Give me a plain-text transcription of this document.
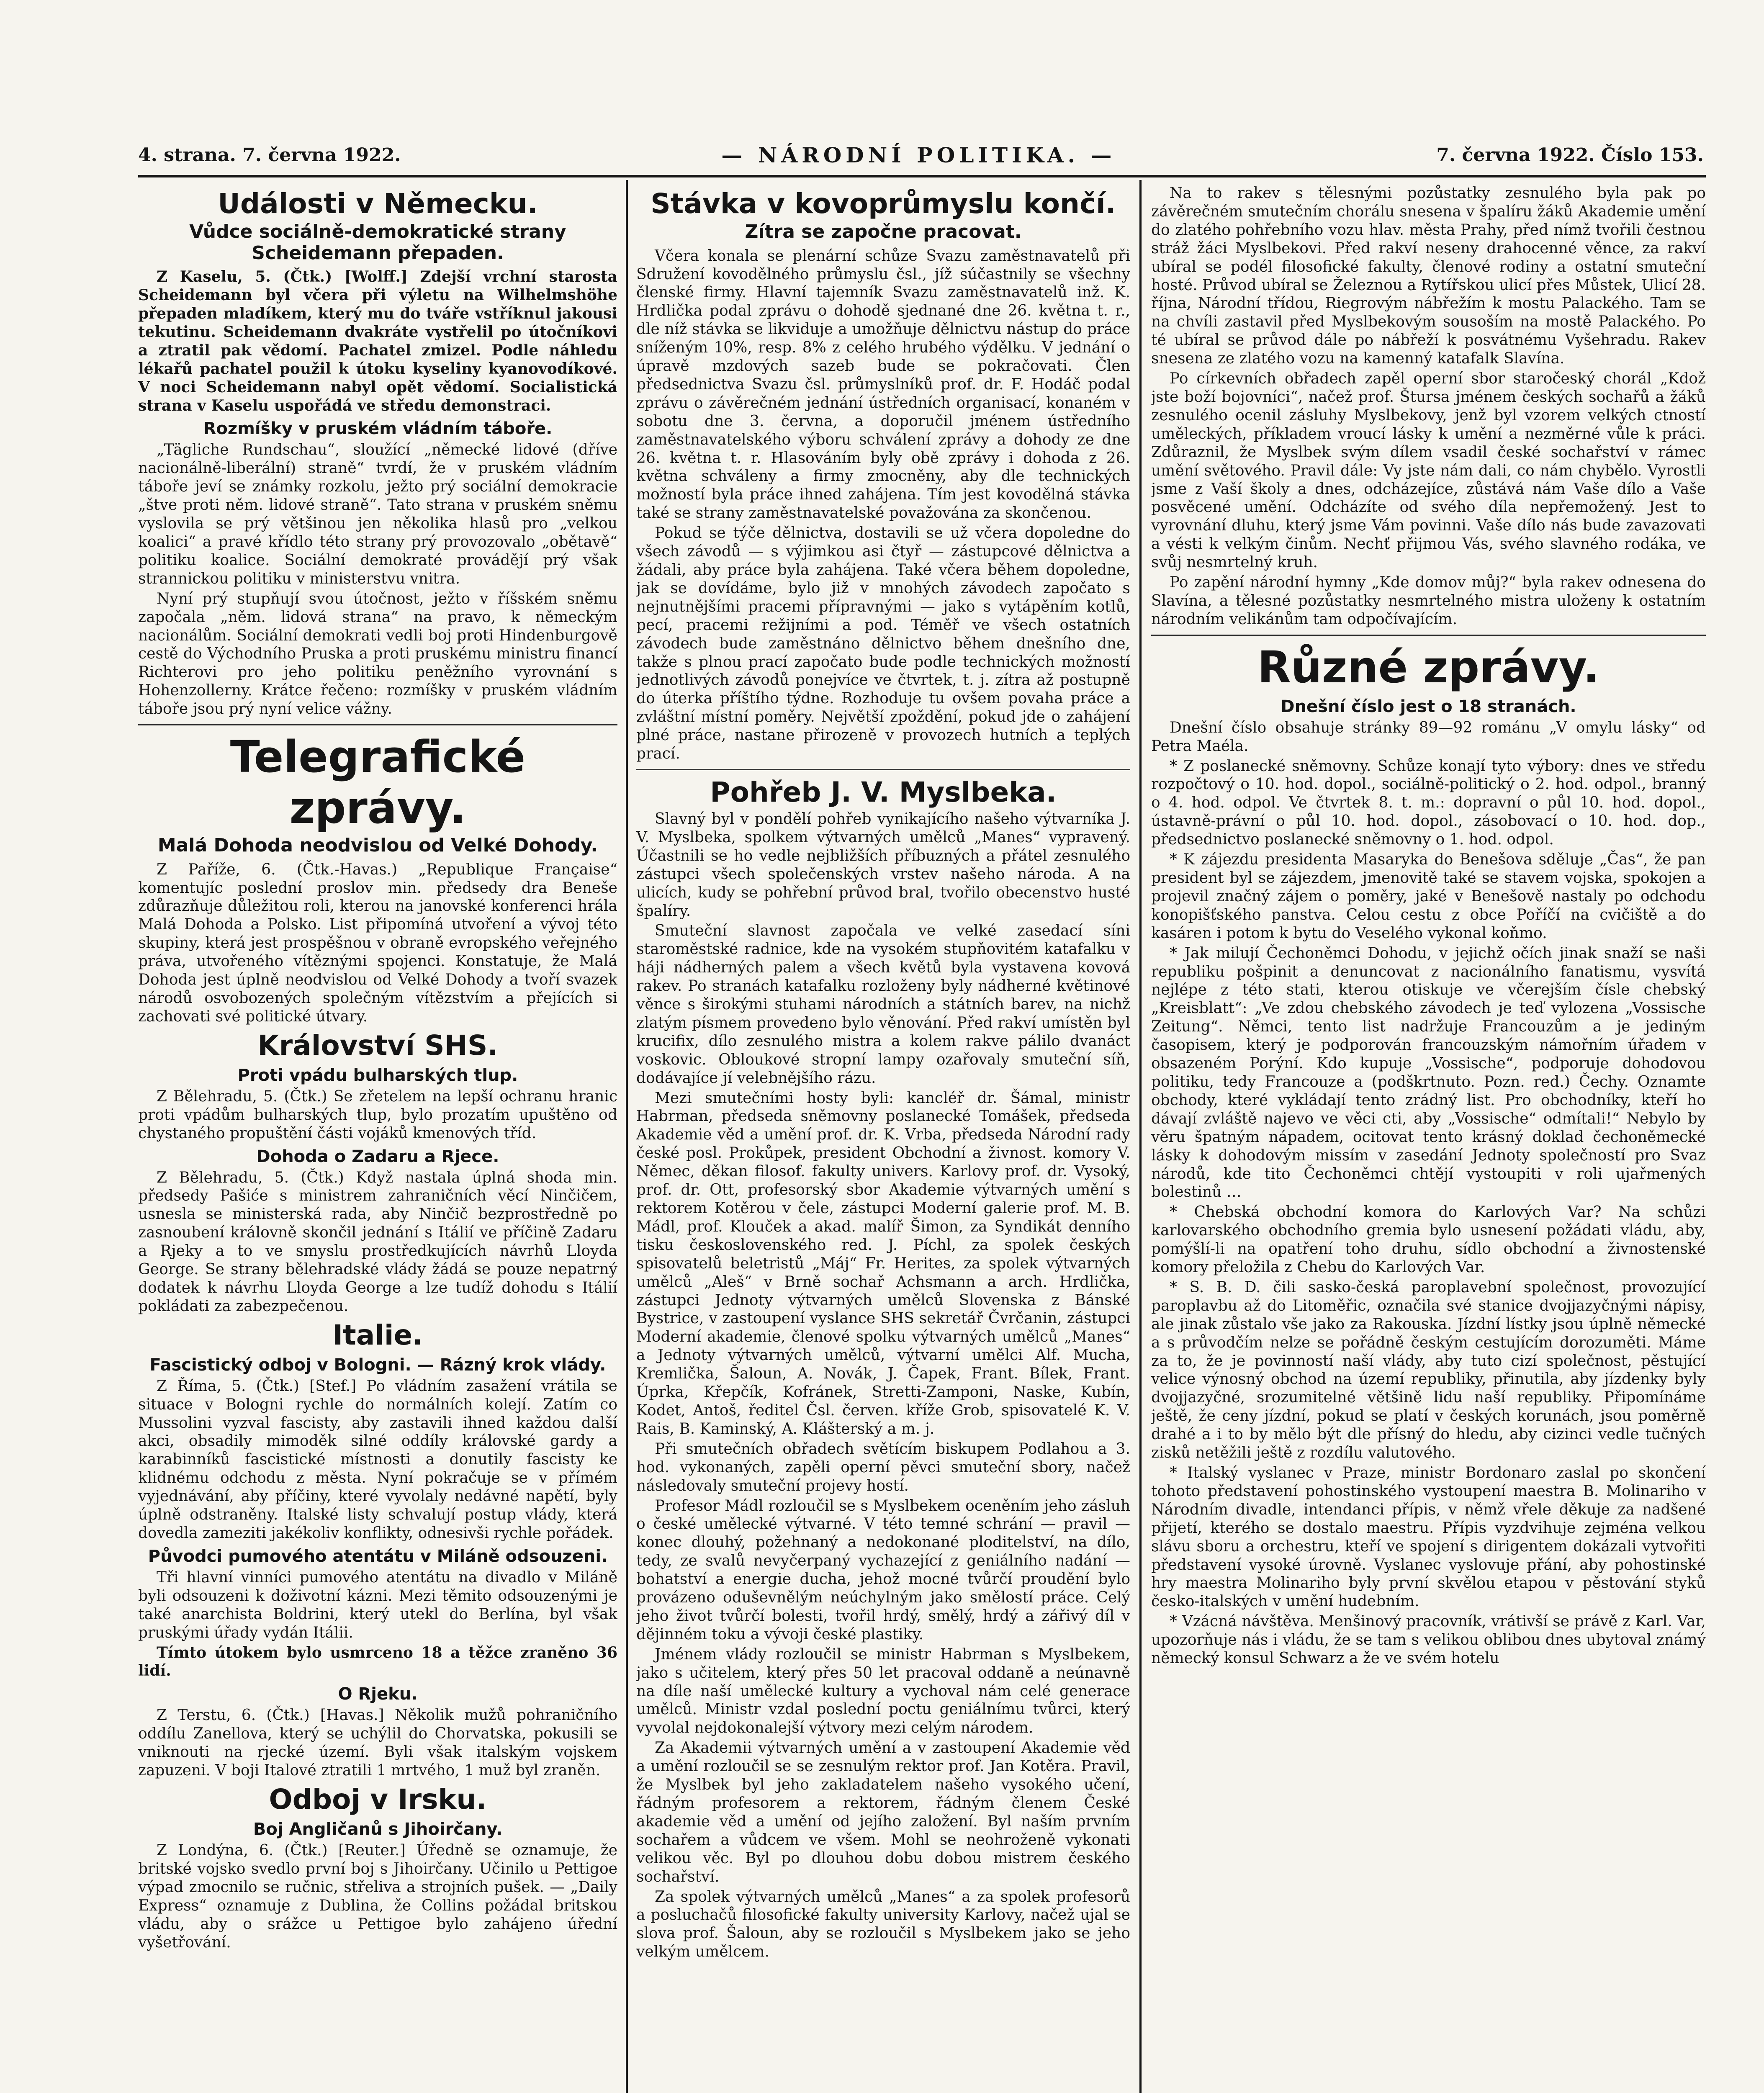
4. strana. 7. června 1922.	— NÁRODNÍ POLITIKA. —	7. června 1922. Číslo 153.
Události v Německu.
Vůdce sociálně-demokratické strany Scheidemann přepaden.

Z Kaselu, 5. (Čtk.) [Wolff.] Zdejší vrchní starosta Scheidemann byl včera při výletu na Wilhelmshöhe přepaden mladíkem, který mu do tváře vstříknul jakousi tekutinu. Scheidemann dvakráte vystřelil po útočníkovi a ztratil pak vědomí. Pachatel zmizel. Podle náhledu lékařů pachatel použil k útoku kyseliny kyanovodíkové. V noci Scheidemann nabyl opět vědomí. Socialistická strana v Kaselu uspořádá ve středu demonstraci.

Rozmíšky v pruském vládním táboře.

„Tägliche Rundschau“, sloužící „německé lidové (dříve nacionálně-liberální) straně“ tvrdí, že v pruském vládním táboře jeví se známky rozkolu, ježto prý sociální demokracie „štve proti něm. lidové straně“. Tato strana v pruském sněmu vyslovila se prý většinou jen několika hlasů pro „velkou koalici“ a pravé křídlo této strany prý provozovalo „obětavě“ politiku koalice. Sociální demokraté provádějí prý však strannickou politiku v ministerstvu vnitra.

Nyní prý stupňují svou útočnost, ježto v říšském sněmu započala „něm. lidová strana“ na pravo, k německým nacionálům. Sociální demokrati vedli boj proti Hindenburgově cestě do Východního Pruska a proti pruskému ministru financí Richterovi pro jeho politiku peněžního vyrovnání s Hohenzollerny. Krátce řečeno: rozmíšky v pruském vládním táboře jsou prý nyní velice vážny.

Telegrafické zprávy.
Malá Dohoda neodvislou od Velké Dohody.

Z Paříže, 6. (Čtk.-Havas.) „Republique Française“ komentujíc poslední proslov min. předsedy dra Beneše zdůrazňuje důležitou roli, kterou na janovské konferenci hrála Malá Dohoda a Polsko. List připomíná utvoření a vývoj této skupiny, která jest prospěšnou v obraně evropského veřejného práva, utvořeného vítěznými spojenci. Konstatuje, že Malá Dohoda jest úplně neodvislou od Velké Dohody a tvoří svazek národů osvobozených společným vítězstvím a přejících si zachovati své politické útvary.

Království SHS.
Proti vpádu bulharských tlup.

Z Bělehradu, 5. (Čtk.) Se zřetelem na lepší ochranu hranic proti vpádům bulharských tlup, bylo prozatím upuštěno od chystaného propuštění části vojáků kmenových tříd.

Dohoda o Zadaru a Rjece.

Z Bělehradu, 5. (Čtk.) Když nastala úplná shoda min. předsedy Pašiće s ministrem zahraničních věcí Ninčičem, usnesla se ministerská rada, aby Ninčič bezprostředně po zasnoubení královně skončil jednání s Itálií ve příčině Zadaru a Rjeky a to ve smyslu prostředkujících návrhů Lloyda George. Se strany bělehradské vlády žádá se pouze nepatrný dodatek k návrhu Lloyda George a lze tudíž dohodu s Itálií pokládati za zabezpečenou.

Italie.
Fascistický odboj v Bologni. — Rázný krok vlády.

Z Říma, 5. (Čtk.) [Stef.] Po vládním zasažení vrátila se situace v Bologni rychle do normálních kolejí. Zatím co Mussolini vyzval fascisty, aby zastavili ihned každou další akci, obsadily mimoděk silné oddíly královské gardy a karabinníků fascistické místnosti a donutily fascisty ke klidnému odchodu z města. Nyní pokračuje se v přímém vyjednávání, aby příčiny, které vyvolaly nedávné napětí, byly úplně odstraněny. Italské listy schvalují postup vlády, která dovedla zameziti jakékoliv konflikty, odnesivši rychle pořádek.

Původci pumového atentátu v Miláně odsouzeni.

Tři hlavní vinníci pumového atentátu na divadlo v Miláně byli odsouzeni k doživotní kázni. Mezi těmito odsouzenými je také anarchista Boldrini, který utekl do Berlína, byl však pruskými úřady vydán Itálii.

Tímto útokem bylo usmrceno 18 a těžce zraněno 36 lidí.

O Rjeku.

Z Terstu, 6. (Čtk.) [Havas.] Několik mužů pohraničního oddílu Zanellova, který se uchýlil do Chorvatska, pokusili se vniknouti na rjecké území. Byli však italským vojskem zapuzeni. V boji Italové ztratili 1 mrtvého, 1 muž byl zraněn.

Odboj v Irsku.
Boj Angličanů s Jihoirčany.

Z Londýna, 6. (Čtk.) [Reuter.] Úředně se oznamuje, že britské vojsko svedlo první boj s Jihoirčany. Učinilo u Pettigoe výpad zmocnilo se ručnic, střeliva a strojních pušek. — „Daily Express“ oznamuje z Dublina, že Collins požádal britskou vládu, aby o srážce u Pettigoe bylo zahájeno úřední vyšetřování.

Stávka v kovoprůmyslu končí.
Zítra se započne pracovat.

Včera konala se plenární schůze Svazu zaměstnavatelů při Sdružení kovodělného průmyslu čsl., jíž súčastnily se všechny členské firmy. Hlavní tajemník Svazu zaměstnavatelů inž. K. Hrdlička podal zprávu o dohodě sjednané dne 26. května t. r., dle níž stávka se likviduje a umožňuje dělnictvu nástup do práce sníženým 10%, resp. 8% z celého hrubého výdělku. V jednání o úpravě mzdových sazeb bude se pokračovati. Člen předsednictva Svazu čsl. průmyslníků prof. dr. F. Hodáč podal zprávu o závěrečném jednání ústředních organisací, konaném v sobotu dne 3. června, a doporučil jménem ústředního zaměstnavatelského výboru schválení zprávy a dohody ze dne 26. května t. r. Hlasováním byly obě zprávy i dohoda z 26. května schváleny a firmy zmocněny, aby dle technických možností byla práce ihned zahájena. Tím jest kovodělná stávka také se strany zaměstnavatelské považována za skončenou.

Pokud se týče dělnictva, dostavili se už včera dopoledne do všech závodů — s výjimkou asi čtyř — zástupcové dělnictva a žádali, aby práce byla zahájena. Také včera během dopoledne, jak se dovídáme, bylo již v mnohých závodech započato s nejnutnějšími pracemi přípravnými — jako s vytápěním kotlů, pecí, pracemi režijními a pod. Téměř ve všech ostatních závodech bude zaměstnáno dělnictvo během dnešního dne, takže s plnou prací započato bude podle technických možností jednotlivých závodů ponejvíce ve čtvrtek, t. j. zítra až postupně do úterka příštího týdne. Rozhoduje tu ovšem povaha práce a zvláštní místní poměry. Největší zpoždění, pokud jde o zahájení plné práce, nastane přirozeně v provozech hutních a teplých prací.

Pohřeb J. V. Myslbeka.

Slavný byl v pondělí pohřeb vynikajícího našeho výtvarníka J. V. Myslbeka, spolkem výtvarných umělců „Manes“ vypravený. Účastnili se ho vedle nejbližších příbuzných a přátel zesnulého zástupci všech společenských vrstev našeho národa. A na ulicích, kudy se pohřební průvod bral, tvořilo obecenstvo husté špalíry.

Smuteční slavnost započala ve velké zasedací síni staroměstské radnice, kde na vysokém stupňovitém katafalku v háji nádherných palem a všech květů byla vystavena kovová rakev. Po stranách katafalku rozloženy byly nádherné květinové věnce s širokými stuhami národních a státních barev, na nichž zlatým písmem provedeno bylo věnování. Před rakví umístěn byl krucifix, dílo zesnulého mistra a kolem rakve pálilo dvanáct voskovic. Obloukové stropní lampy ozařovaly smuteční síň, dodávajíce jí velebnějšího rázu.

Mezi smutečními hosty byli: kancléř dr. Šámal, ministr Habrman, předseda sněmovny poslanecké Tomášek, předseda Akademie věd a umění prof. dr. K. Vrba, předseda Národní rady české posl. Prokůpek, president Obchodní a živnost. komory V. Němec, děkan filosof. fakulty univers. Karlovy prof. dr. Vysoký, prof. dr. Ott, profesorský sbor Akademie výtvarných umění s rektorem Kotěrou v čele, zástupci Moderní galerie prof. M. B. Mádl, prof. Klouček a akad. malíř Šimon, za Syndikát denního tisku československého red. J. Píchl, za spolek českých spisovatelů beletristů „Máj“ Fr. Herites, za spolek výtvarných umělců „Aleš“ v Brně sochař Achsmann a arch. Hrdlička, zástupci Jednoty výtvarných umělců Slovenska z Bánské Bystrice, v zastoupení vyslance SHS sekretář Čvrčanin, zástupci Moderní akademie, členové spolku výtvarných umělců „Manes“ a Jednoty výtvarných umělců, výtvarní umělci Alf. Mucha, Kremlička, Šaloun, A. Novák, J. Čapek, Frant. Bílek, Frant. Úprka, Křepčík, Kofránek, Stretti-Zamponi, Naske, Kubín, Kodet, Antoš, ředitel Čsl. červen. kříže Grob, spisovatelé K. V. Rais, B. Kaminský, A. Klášterský a m. j.

Při smutečních obřadech světícím biskupem Podlahou a 3. hod. vykonaných, zapěli operní pěvci smuteční sbory, načež následovaly smuteční projevy hostí.

Profesor Mádl rozloučil se s Myslbekem oceněním jeho zásluh o české umělecké výtvarné. V této temné schrání — pravil — konec dlouhý, požehnaný a nedokonané ploditelství, na dílo, tedy, ze svalů nevyčerpaný vychazející z geniálního nadání — bohatství a energie ducha, jehož mocné tvůrčí proudění bylo provázeno oduševnělým neúchylným jako smělostí práce. Celý jeho život tvůrčí bolesti, tvořil hrdý, smělý, hrdý a zářivý díl v dějinném toku a vývoji české plastiky.

Jménem vlády rozloučil se ministr Habrman s Myslbekem, jako s učitelem, který přes 50 let pracoval oddaně a neúnavně na díle naší umělecké kultury a vychoval nám celé generace umělců. Ministr vzdal poslední poctu geniálnímu tvůrci, který vyvolal nejdokonalejší výtvory mezi celým národem.

Za Akademii výtvarných umění a v zastoupení Akademie věd a umění rozloučil se se zesnulým rektor prof. Jan Kotěra. Pravil, že Myslbek byl jeho zakladatelem našeho vysokého učení, řádným profesorem a rektorem, řádným členem České akademie věd a umění od jejího založení. Byl naším prvním sochařem a vůdcem ve všem. Mohl se neohroženě vykonati velikou věc. Byl po dlouhou dobu dobou mistrem českého sochařství.

Za spolek výtvarných umělců „Manes“ a za spolek profesorů a posluchačů filosofické fakulty university Karlovy, načež ujal se slova prof. Šaloun, aby se rozloučil s Myslbekem jako se jeho velkým umělcem.

Na to rakev s tělesnými pozůstatky zesnulého byla pak po závěrečném smutečním chorálu snesena v špalíru žáků Akademie umění do zlatého pohřebního vozu hlav. města Prahy, před nímž tvořili čestnou stráž žáci Myslbekovi. Před rakví neseny drahocenné věnce, za rakví ubíral se podél filosofické fakulty, členové rodiny a ostatní smuteční hosté. Průvod ubíral se Železnou a Rytířskou ulicí přes Můstek, Ulicí 28. října, Národní třídou, Riegrovým nábřežím k mostu Palackého. Tam se na chvíli zastavil před Myslbekovým sousoším na mostě Palackého. Po té ubíral se průvod dále po nábřeží k posvátnému Vyšehradu. Rakev snesena ze zlatého vozu na kamenný katafalk Slavína.

Po církevních obřadech zapěl operní sbor staročeský chorál „Kdož jste boží bojovníci“, načež prof. Štursa jménem českých sochařů a žáků zesnulého ocenil zásluhy Myslbekovy, jenž byl vzorem velkých ctností uměleckých, příkladem vroucí lásky k umění a nezměrné vůle k práci. Zdůraznil, že Myslbek svým dílem vsadil české sochařství v rámec umění světového. Pravil dále: Vy jste nám dali, co nám chybělo. Vyrostli jsme z Vaší školy a dnes, odcházejíce, zůstává nám Vaše dílo a Vaše posvěcené umění. Odcházíte od svého díla nepřemožený. Jest to vyrovnání dluhu, který jsme Vám povinni. Vaše dílo nás bude zavazovati a vésti k velkým činům. Nechť přijmou Vás, svého slavného rodáka, ve svůj nesmrtelný kruh.

Po zapění národní hymny „Kde domov můj?“ byla rakev odnesena do Slavína, a tělesné pozůstatky nesmrtelného mistra uloženy k ostatním národním velikánům tam odpočívajícím.

Různé zprávy.
Dnešní číslo jest o 18 stranách.

Dnešní číslo obsahuje stránky 89—92 románu „V omylu lásky“ od Petra Maéla.

* Z poslanecké sněmovny. Schůze konají tyto výbory: dnes ve středu rozpočtový o 10. hod. dopol., sociálně-politický o 2. hod. odpol., branný o 4. hod. odpol. Ve čtvrtek 8. t. m.: dopravní o půl 10. hod. dopol., ústavně-právní o půl 10. hod. dopol., zásobovací o 10. hod. dop., předsednictvo poslanecké sněmovny o 1. hod. odpol.

* K zájezdu presidenta Masaryka do Benešova sděluje „Čas“, že pan president byl se zájezdem, jmenovitě také se stavem vojska, spokojen a projevil značný zájem o poměry, jaké v Benešově nastaly po odchodu konopišťského panstva. Celou cestu z obce Poříčí na cvičiště a do kasáren i potom k bytu do Veselého vykonal koňmo.

* Jak milují Čechoněmci Dohodu, v jejichž očích jinak snaží se naši republiku pošpinit a denuncovat z nacionálního fanatismu, vysvítá nejlépe z této stati, kterou otiskuje ve včerejším čísle chebský „Kreisblatt“: „Ve zdou chebského závodech je teď vylozena „Vossische Zeitung“. Němci, tento list nadržuje Francouzům a je jediným časopisem, který je podporován francouzským námořním úřadem v obsazeném Porýní. Kdo kupuje „Vossische“, podporuje dohodovou politiku, tedy Francouze a (podškrtnuto. Pozn. red.) Čechy. Oznamte obchody, které vykládají tento zrádný list. Pro obchodníky, kteří ho dávají zvláště najevo ve věci cti, aby „Vossische“ odmítali!“ Nebylo by věru špatným nápadem, ocitovat tento krásný doklad čechoněmecké lásky k dohodovým missím v zasedání Jednoty společností pro Svaz národů, kde tito Čechoněmci chtějí vystoupiti v roli ujařmených bolestinů …

* Chebská obchodní komora do Karlových Var? Na schůzi karlovarského obchodního gremia bylo usnesení požádati vládu, aby, pomýšlí-li na opatření toho druhu, sídlo obchodní a živnostenské komory přeložila z Chebu do Karlových Var.

* S. B. D. čili sasko-česká paroplavební společnost, provozující paroplavbu až do Litoměřic, označila své stanice dvojjazyčnými nápisy, ale jinak zůstalo vše jako za Rakouska. Jízdní lístky jsou úplně německé a s průvodčím nelze se pořádně českým cestujícím dorozuměti. Máme za to, že je povinností naší vlády, aby tuto cizí společnost, pěstující velice výnosný obchod na území republiky, přinutila, aby jízdenky byly dvojjazyčné, srozumitelné většině lidu naší republiky. Připomínáme ještě, že ceny jízdní, pokud se platí v českých korunách, jsou poměrně drahé a i to by mělo být dle přísný do hledu, aby cizinci vedle tučných zisků netěžili ještě z rozdílu valutového.

* Italský vyslanec v Praze, ministr Bordonaro zaslal po skončení tohoto představení pohostinského vystoupení maestra B. Molinariho v Národním divadle, intendanci přípis, v němž vřele děkuje za nadšené přijetí, kterého se dostalo maestru. Přípis vyzdvihuje zejména velkou slávu sboru a orchestru, kteří ve spojení s dirigentem dokázali vytvořiti představení vysoké úrovně. Vyslanec vyslovuje přání, aby pohostinské hry maestra Molinariho byly první skvělou etapou v pěstování styků česko-italských v umění hudebním.

* Vzácná návštěva. Menšinový pracovník, vrátivší se právě z Karl. Var, upozorňuje nás i vládu, že se tam s velikou oblibou dnes ubytoval známý německý konsul Schwarz a že ve svém hotelu
